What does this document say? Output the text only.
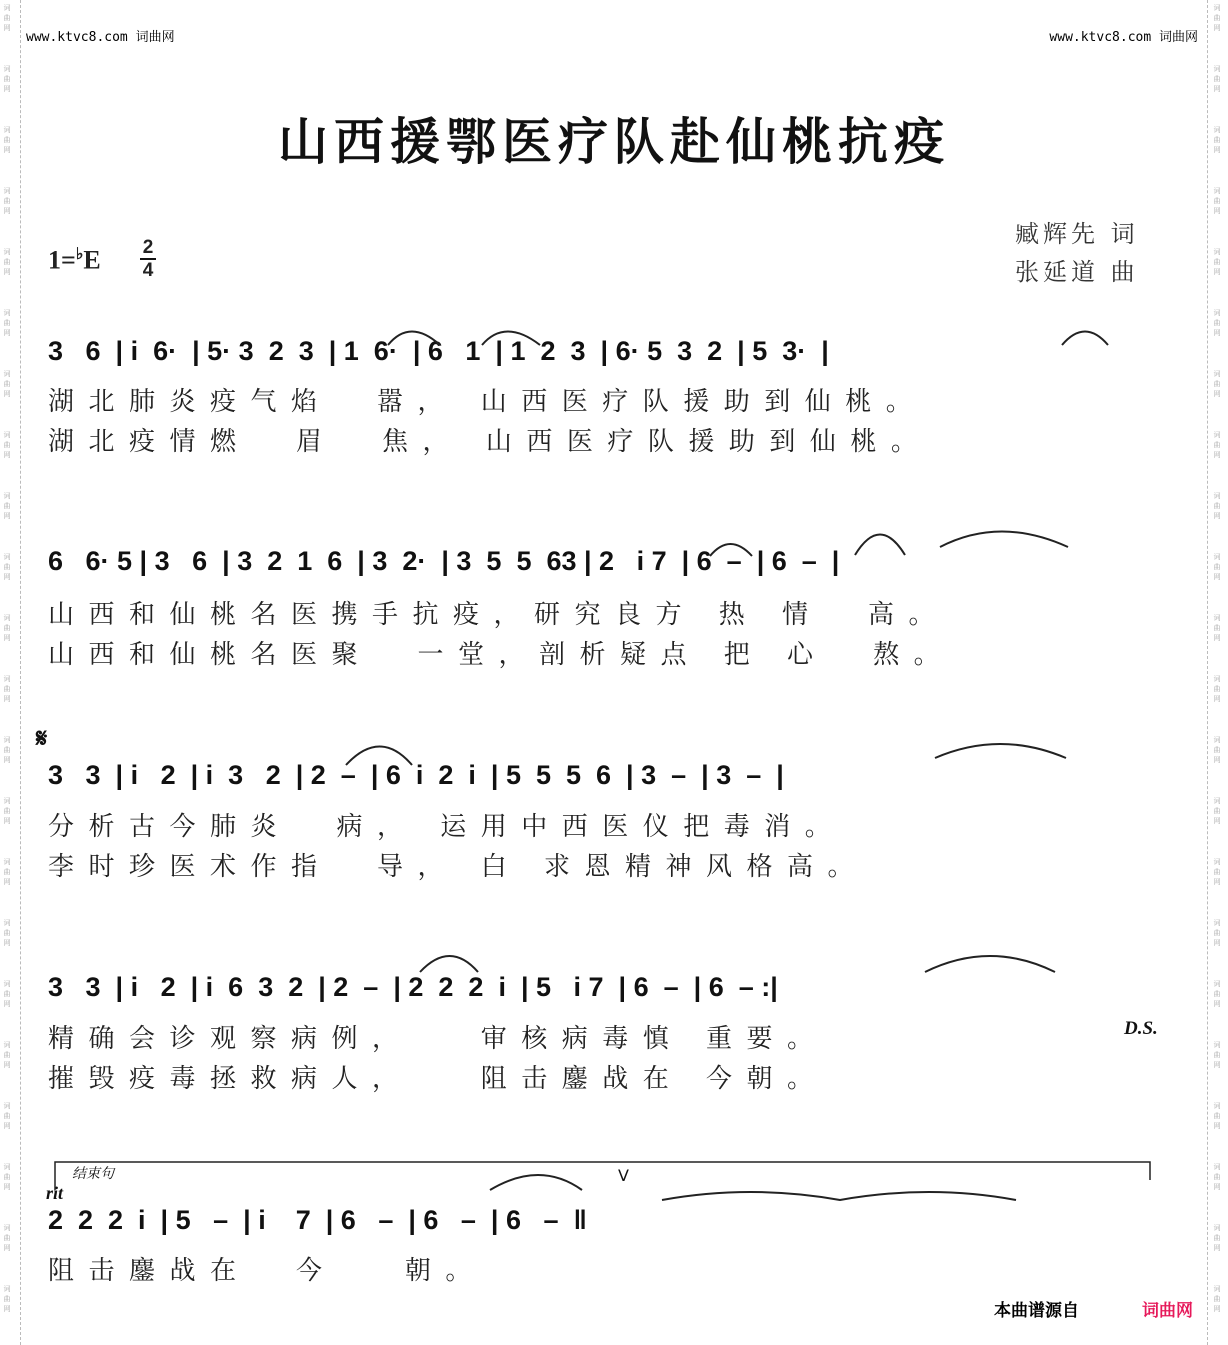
词
曲
网
词
曲
网
词
曲
网
词
曲
网
词
曲
网
词
曲
网
词
曲
网
词
曲
网
词
曲
网
词
曲
网
词
曲
网
词
曲
网
词
曲
网
词
曲
网
词
曲
网
词
曲
网
词
曲
网
词
曲
网
词
曲
网
词
曲
网
词
曲
网
词
曲
网
词
曲
网
词
曲
网
词
曲
网
词
曲
网
词
曲
网
词
曲
网
词
曲
网
词
曲
网
词
曲
网
词
曲
网
词
曲
网
词
曲
网
词
曲
网
词
曲
网
词
曲
网
词
曲
网
词
曲
网
词
曲
网
词
曲
网
词
曲
网
词
曲
网
词
曲
网
www.ktvc8.com 词曲网	www.ktvc8.com 词曲网
山西援鄂医疗队赴仙桃抗疫
臧辉先 词
张延道 曲
1=♭E 2
4
3   6  | i  6·  | 5· 3  2  3  | 1  6·  | 6   1  | 1  2  3  | 6· 5  3  2  | 5  3·  |
湖北肺炎疫气焰  嚣， 山西医疗队援助到仙桃。
湖北疫情燃  眉  焦， 山西医疗队援助到仙桃。
6   6· 5 | 3   6  | 3  2  1  6  | 3  2·  | 3  5  5  63 | 2   i 7  | 6  –  | 6  –  |
山西和仙桃名医携手抗疫，研究良方 热 情  高。
山西和仙桃名医聚  一堂，剖析疑点 把 心  熬。
𝄋
3   3  | i   2  | i  3   2  | 2  –  | 6  i  2  i  | 5  5  5  6  | 3  –  | 3  –  |
分析古今肺炎  病， 运用中西医仪把毒消。
李时珍医术作指  导， 白 求恩精神风格高。
3   3  | i   2  | i  6  3  2  | 2  –  | 2  2  2  i  | 5   i 7  | 6  –  | 6  – :|
精确会诊观察病例，   审核病毒慎 重要。
摧毁疫毒拯救病人，   阻击鏖战在 今朝。
D.S.
结束句
rit
V
2  2  2  i  | 5   –  | i    7  | 6   –  | 6   –  | 6   –  ‖
阻击鏖战在  今   朝。
本曲谱源自	词曲网
